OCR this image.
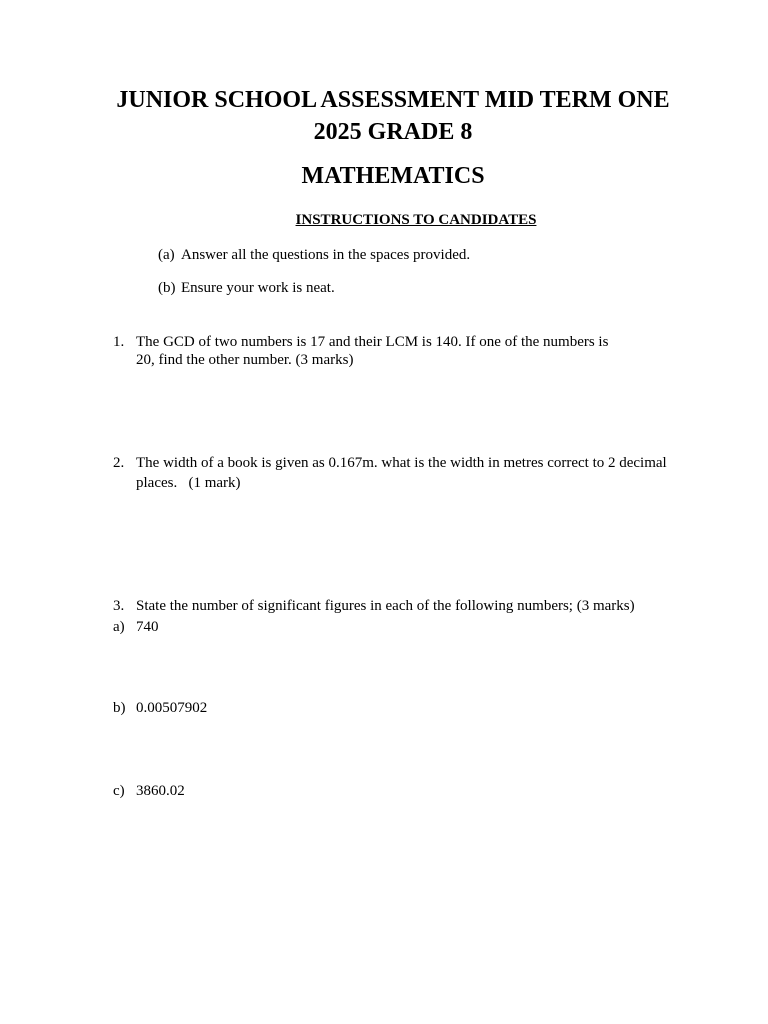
JUNIOR SCHOOL ASSESSMENT MID TERM ONE
2025 GRADE 8
MATHEMATICS
INSTRUCTIONS TO CANDIDATES
(a) Answer all the questions in the spaces provided.
(b) Ensure your work is neat.
1. The GCD of two numbers is 17 and their LCM is 140. If one of the numbers is
20, find the other number. (3 marks)
2. The width of a book is given as 0.167m. what is the width in metres correct to 2 decimal
places.   (1 mark)
3. State the number of significant figures in each of the following numbers; (3 marks)
a) 740
b) 0.00507902
c) 3860.02
